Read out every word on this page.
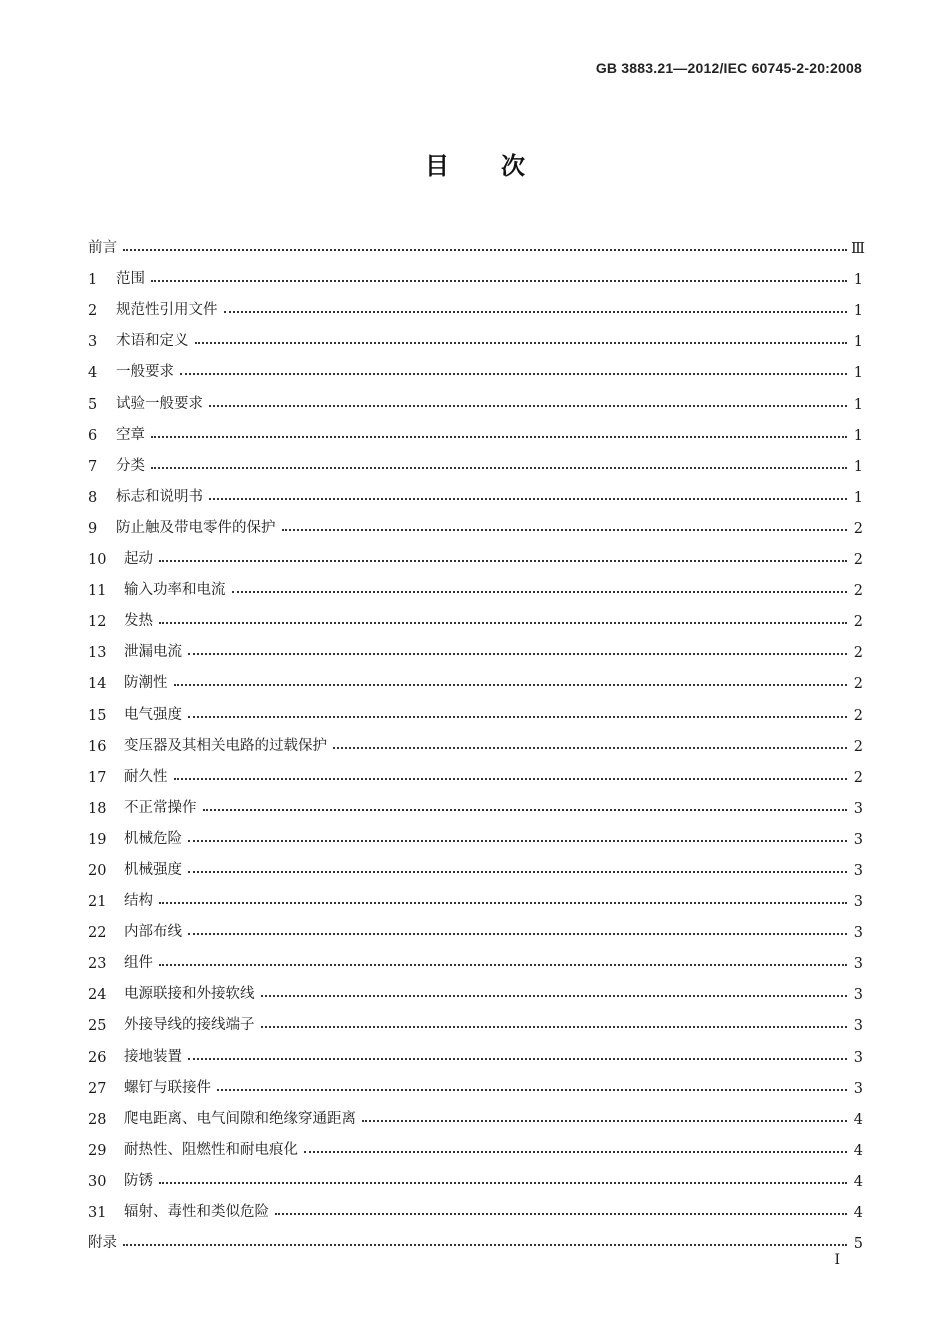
GB 3883.21—2012/IEC 60745-2-20:2008
目次
前言	Ⅲ
1	范围	1
2	规范性引用文件	1
3	术语和定义	1
4	一般要求	1
5	试验一般要求	1
6	空章	1
7	分类	1
8	标志和说明书	1
9	防止触及带电零件的保护	2
10	起动	2
11	输入功率和电流	2
12	发热	2
13	泄漏电流	2
14	防潮性	2
15	电气强度	2
16	变压器及其相关电路的过载保护	2
17	耐久性	2
18	不正常操作	3
19	机械危险	3
20	机械强度	3
21	结构	3
22	内部布线	3
23	组件	3
24	电源联接和外接软线	3
25	外接导线的接线端子	3
26	接地装置	3
27	螺钉与联接件	3
28	爬电距离、电气间隙和绝缘穿通距离	4
29	耐热性、阻燃性和耐电痕化	4
30	防锈	4
31	辐射、毒性和类似危险	4
附录	5
I
